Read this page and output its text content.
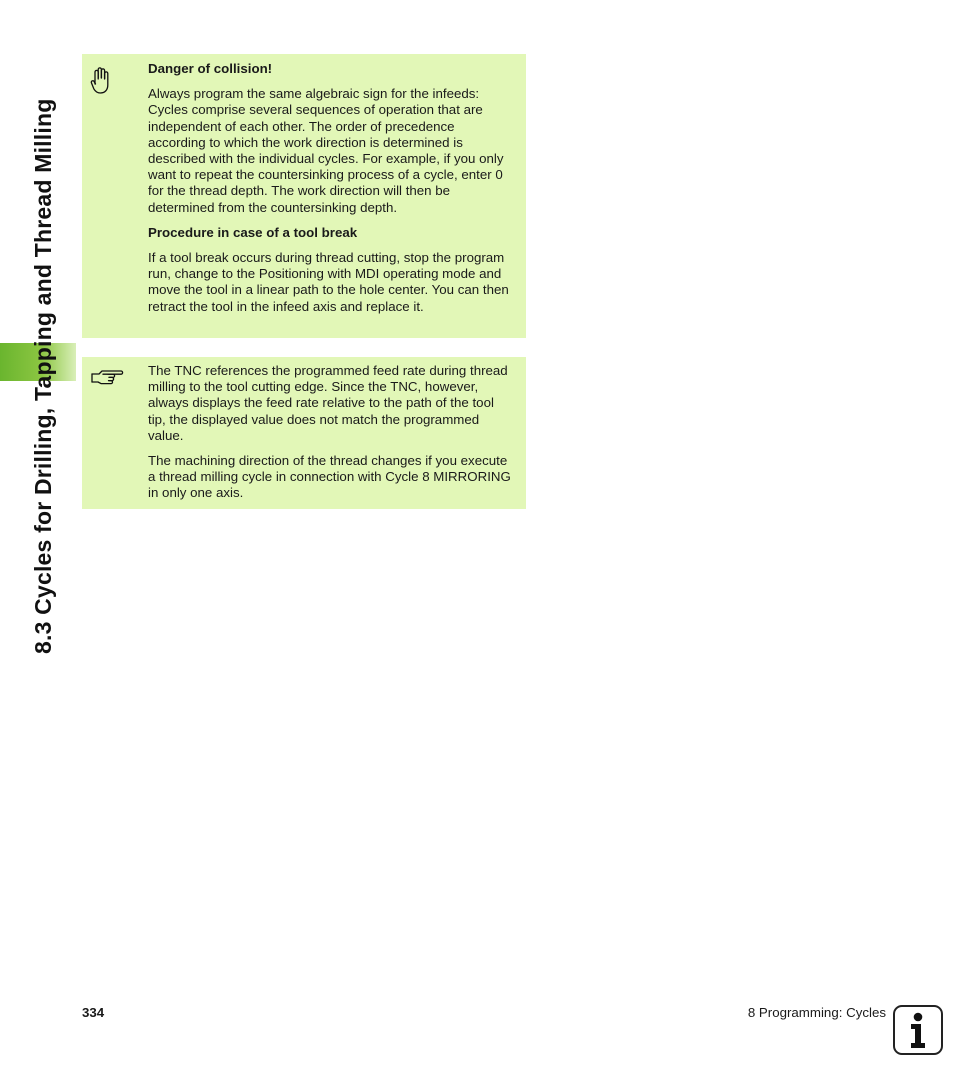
8.3 Cycles for Drilling, Tapping and Thread Milling

Danger of collision!

Always program the same algebraic sign for the infeeds: Cycles comprise several sequences of operation that are independent of each other. The order of precedence according to which the work direction is determined is described with the individual cycles. For example, if you only want to repeat the countersinking process of a cycle, enter 0 for the thread depth. The work direction will then be determined from the countersinking depth.

Procedure in case of a tool break

If a tool break occurs during thread cutting, stop the program run, change to the Positioning with MDI operating mode and move the tool in a linear path to the hole center. You can then retract the tool in the infeed axis and replace it.

The TNC references the programmed feed rate during thread milling to the tool cutting edge. Since the TNC, however, always displays the feed rate relative to the path of the tool tip, the displayed value does not match the programmed value.

The machining direction of the thread changes if you execute a thread milling cycle in connection with Cycle 8 MIRRORING in only one axis.

334	8 Programming: Cycles
